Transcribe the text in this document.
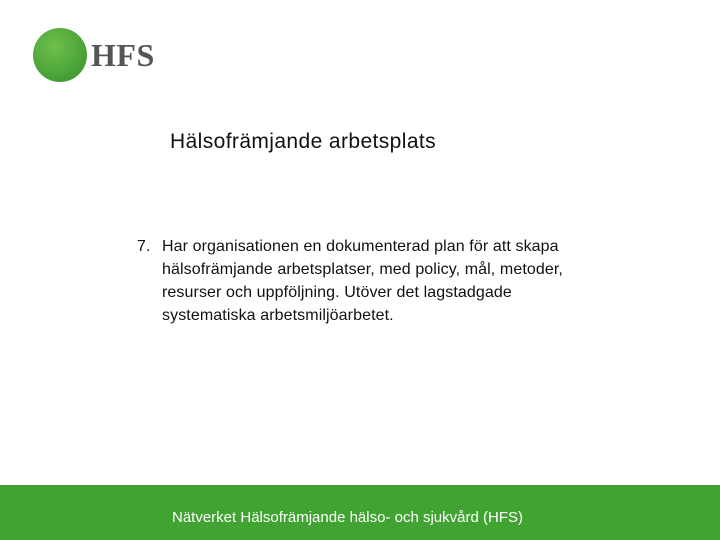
HFS
Hälsofrämjande arbetsplats
7. Har organisationen en dokumenterad plan för att skapa hälsofrämjande arbetsplatser, med policy, mål, metoder, resurser och uppföljning. Utöver det lagstadgade systematiska arbetsmiljöarbetet.
Nätverket Hälsofrämjande hälso- och sjukvård (HFS)
